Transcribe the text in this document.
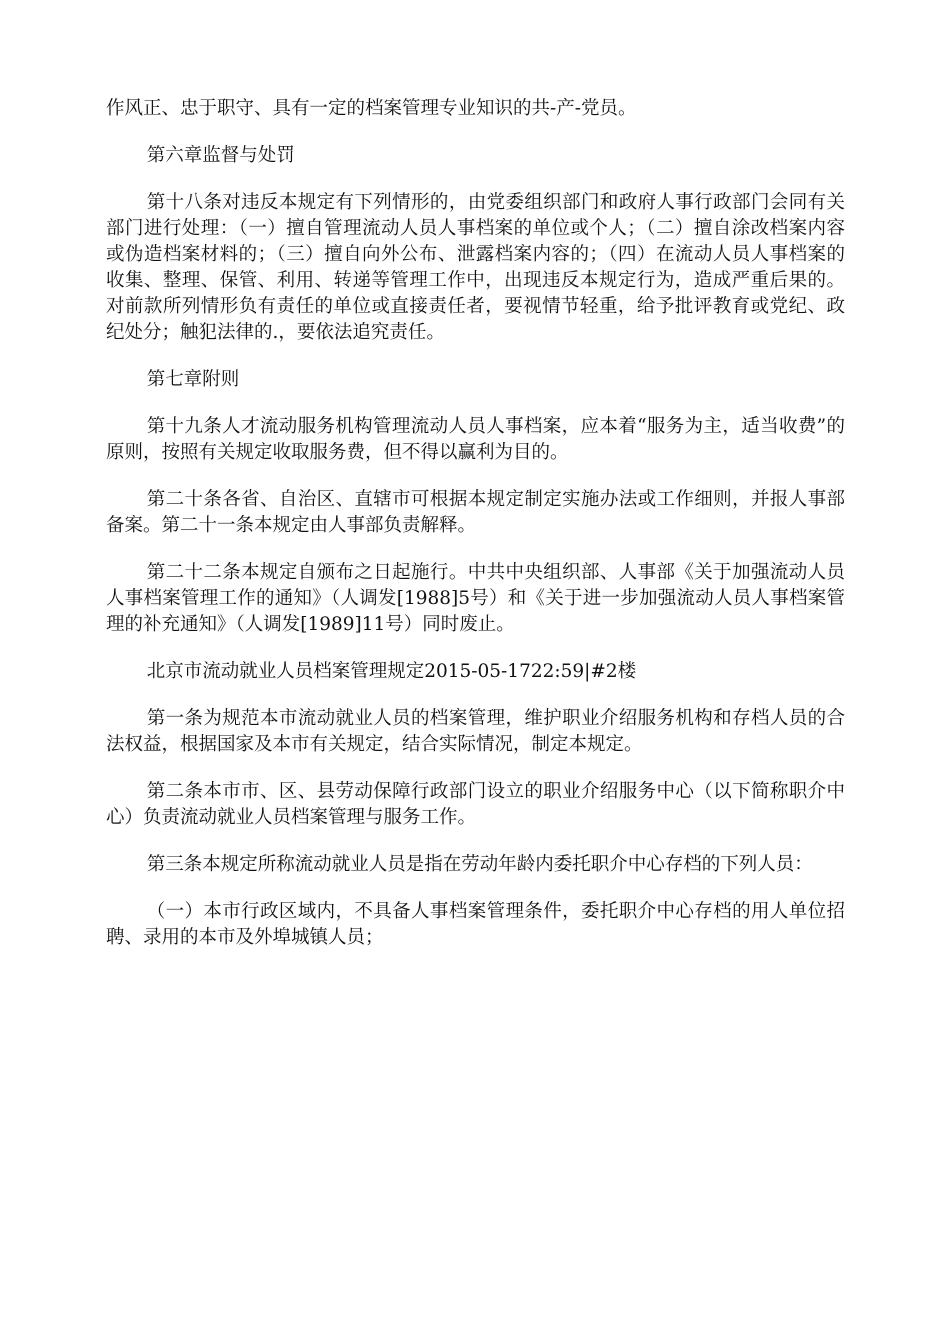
作风正、忠于职守、具有一定的档案管理专业知识的共-产-党员。

第六章监督与处罚

第十八条对违反本规定有下列情形的，由党委组织部门和政府人事行政部门会同有关部门进行处理：（一）擅自管理流动人员人事档案的单位或个人；（二）擅自涂改档案内容或伪造档案材料的；（三）擅自向外公布、泄露档案内容的；（四）在流动人员人事档案的收集、整理、保管、利用、转递等管理工作中，出现违反本规定行为，造成严重后果的。对前款所列情形负有责任的单位或直接责任者，要视情节轻重，给予批评教育或党纪、政纪处分；触犯法律的.，要依法追究责任。

第七章附则

第十九条人才流动服务机构管理流动人员人事档案，应本着“服务为主，适当收费”的原则，按照有关规定收取服务费，但不得以赢利为目的。

第二十条各省、自治区、直辖市可根据本规定制定实施办法或工作细则，并报人事部备案。第二十一条本规定由人事部负责解释。

第二十二条本规定自颁布之日起施行。中共中央组织部、人事部《关于加强流动人员人事档案管理工作的通知》（人调发[1988]5号）和《关于进一步加强流动人员人事档案管理的补充通知》（人调发[1989]11号）同时废止。

北京市流动就业人员档案管理规定2015-05-1722:59|#2楼

第一条为规范本市流动就业人员的档案管理，维护职业介绍服务机构和存档人员的合法权益，根据国家及本市有关规定，结合实际情况，制定本规定。

第二条本市市、区、县劳动保障行政部门设立的职业介绍服务中心（以下简称职介中心）负责流动就业人员档案管理与服务工作。

第三条本规定所称流动就业人员是指在劳动年龄内委托职介中心存档的下列人员：

（一）本市行政区域内，不具备人事档案管理条件，委托职介中心存档的用人单位招聘、录用的本市及外埠城镇人员；
